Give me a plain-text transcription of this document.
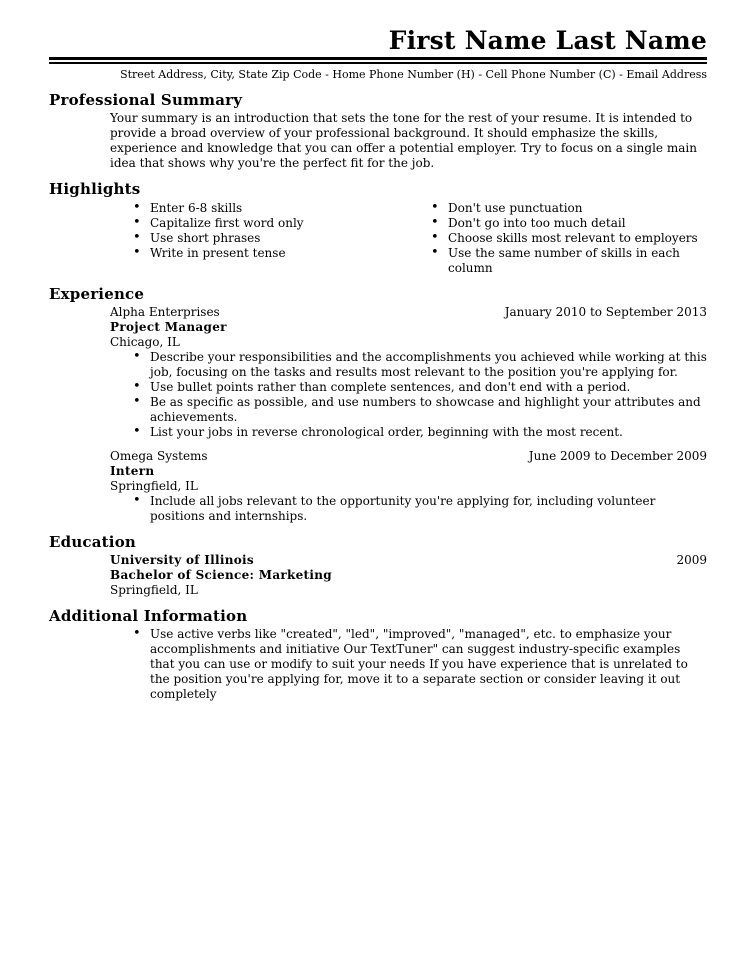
First Name Last Name
Street Address, City, State Zip Code - Home Phone Number (H) - Cell Phone Number (C) - Email Address
Professional Summary

Your summary is an introduction that sets the tone for the rest of your resume. It is intended to provide a broad overview of your professional background. It should emphasize the skills, experience and knowledge that you can offer a potential employer. Try to focus on a single main idea that shows why you're the perfect fit for the job.

Highlights
• Enter 6-8 skills
• Capitalize first word only
• Use short phrases
• Write in present tense
• Don't use punctuation
• Don't go into too much detail
• Choose skills most relevant to employers
• Use the same number of skills in each column
Experience
Alpha Enterprises	January 2010 to September 2013
Project Manager
Chicago, IL
• Describe your responsibilities and the accomplishments you achieved while working at this job, focusing on the tasks and results most relevant to the position you're applying for.
• Use bullet points rather than complete sentences, and don't end with a period.
• Be as specific as possible, and use numbers to showcase and highlight your attributes and achievements.
• List your jobs in reverse chronological order, beginning with the most recent.
Omega Systems	June 2009 to December 2009
Intern
Springfield, IL
• Include all jobs relevant to the opportunity you're applying for, including volunteer positions and internships.
Education
University of Illinois	2009
Bachelor of Science: Marketing
Springfield, IL
Additional Information
• Use active verbs like "created", "led", "improved", "managed", etc. to emphasize your accomplishments and initiative Our TextTuner" can suggest industry-specific examples that you can use or modify to suit your needs If you have experience that is unrelated to the position you're applying for, move it to a separate section or consider leaving it out completely
